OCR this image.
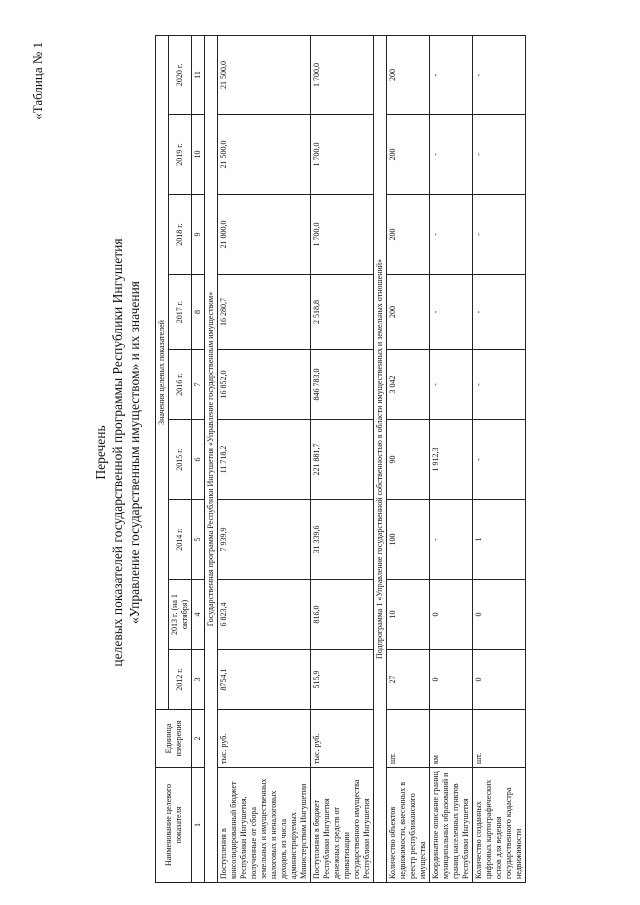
«Таблица № 1
Перечень целевых показателей государственной программы Республики Ингушетия «Управление государственным имуществом» и их значения
Наименование целевого показателя	Единица измерения	Значения целевых показателей								
		2012 г.	2013 г. (на 1 октября)	2014 г.	2015 г.	2016 г.	2017 г.	2018 г.	2019 г.	2020 г.
1	2	3	4	5	6	7	8	9	10	11
Государственная программа Республики Ингушетия «Управление государственным имуществом»										
Поступления в консолидированный бюджет Республики Ингушетия, полученные от сбора земельных и имущественных налоговых и неналоговых доходов, из числа администрируемых Министерством Ингушетии	тыс. руб.	8754,1	6 823,4	7 939,9	11 718,2	16 852,0	16 280,7	21 000,0	21 500,0	21 500,0
Поступления в бюджет Республики Ингушетия денежных средств от приватизации государственного имущества Республики Ингушетия	тыс. руб.	515,9	816,0	31 339,6	221 881,7	846 783,0	2 518,8	1 700,0	1 700,0	1 700,0
Подпрограмма 1 «Управление государственной собственностью в области имущественных и земельных отношений»										
Количество объектов недвижимости, внесенных в реестр республиканского имущества	шт.	27	10	100	90	3 042	200	200	200	200
Координатное описание границ муниципальных образований и границ населенных пунктов Республики Ингушетия	км	0	0	-	1 912,3	-	-	-	-	-
Количество созданных цифровых картографических основ для ведения государственного кадастра недвижимости	шт.	0	0	1	-	-	-	-	-	-
